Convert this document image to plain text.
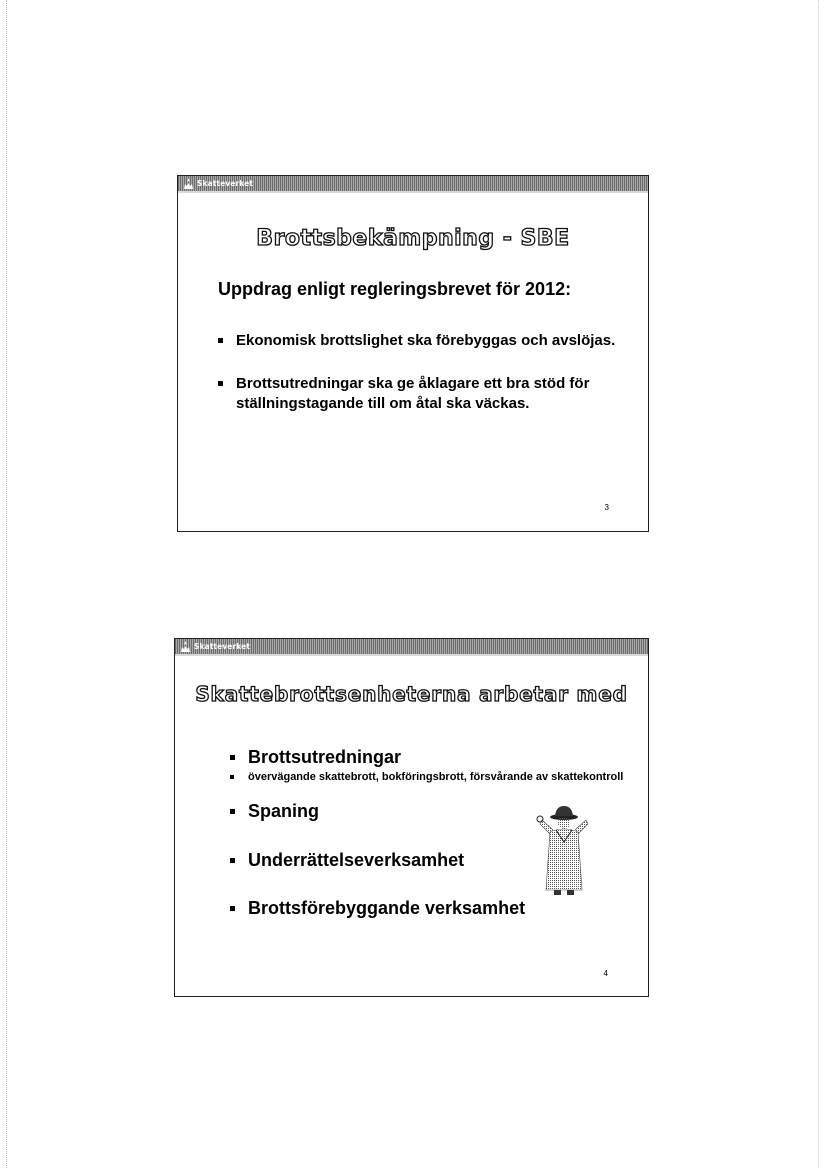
Skatteverket
Brottsbekämpning - SBE
Uppdrag enligt regleringsbrevet för 2012:
Ekonomisk brottslighet ska förebyggas och avslöjas.
Brottsutredningar ska ge åklagare ett bra stöd för ställningstagande till om åtal ska väckas.
3
Skatteverket
Skattebrottsenheterna arbetar med
Brottsutredningar
övervägande skattebrott, bokföringsbrott, försvårande av skattekontroll
Spaning
Underrättelseverksamhet
Brottsförebyggande verksamhet
4
